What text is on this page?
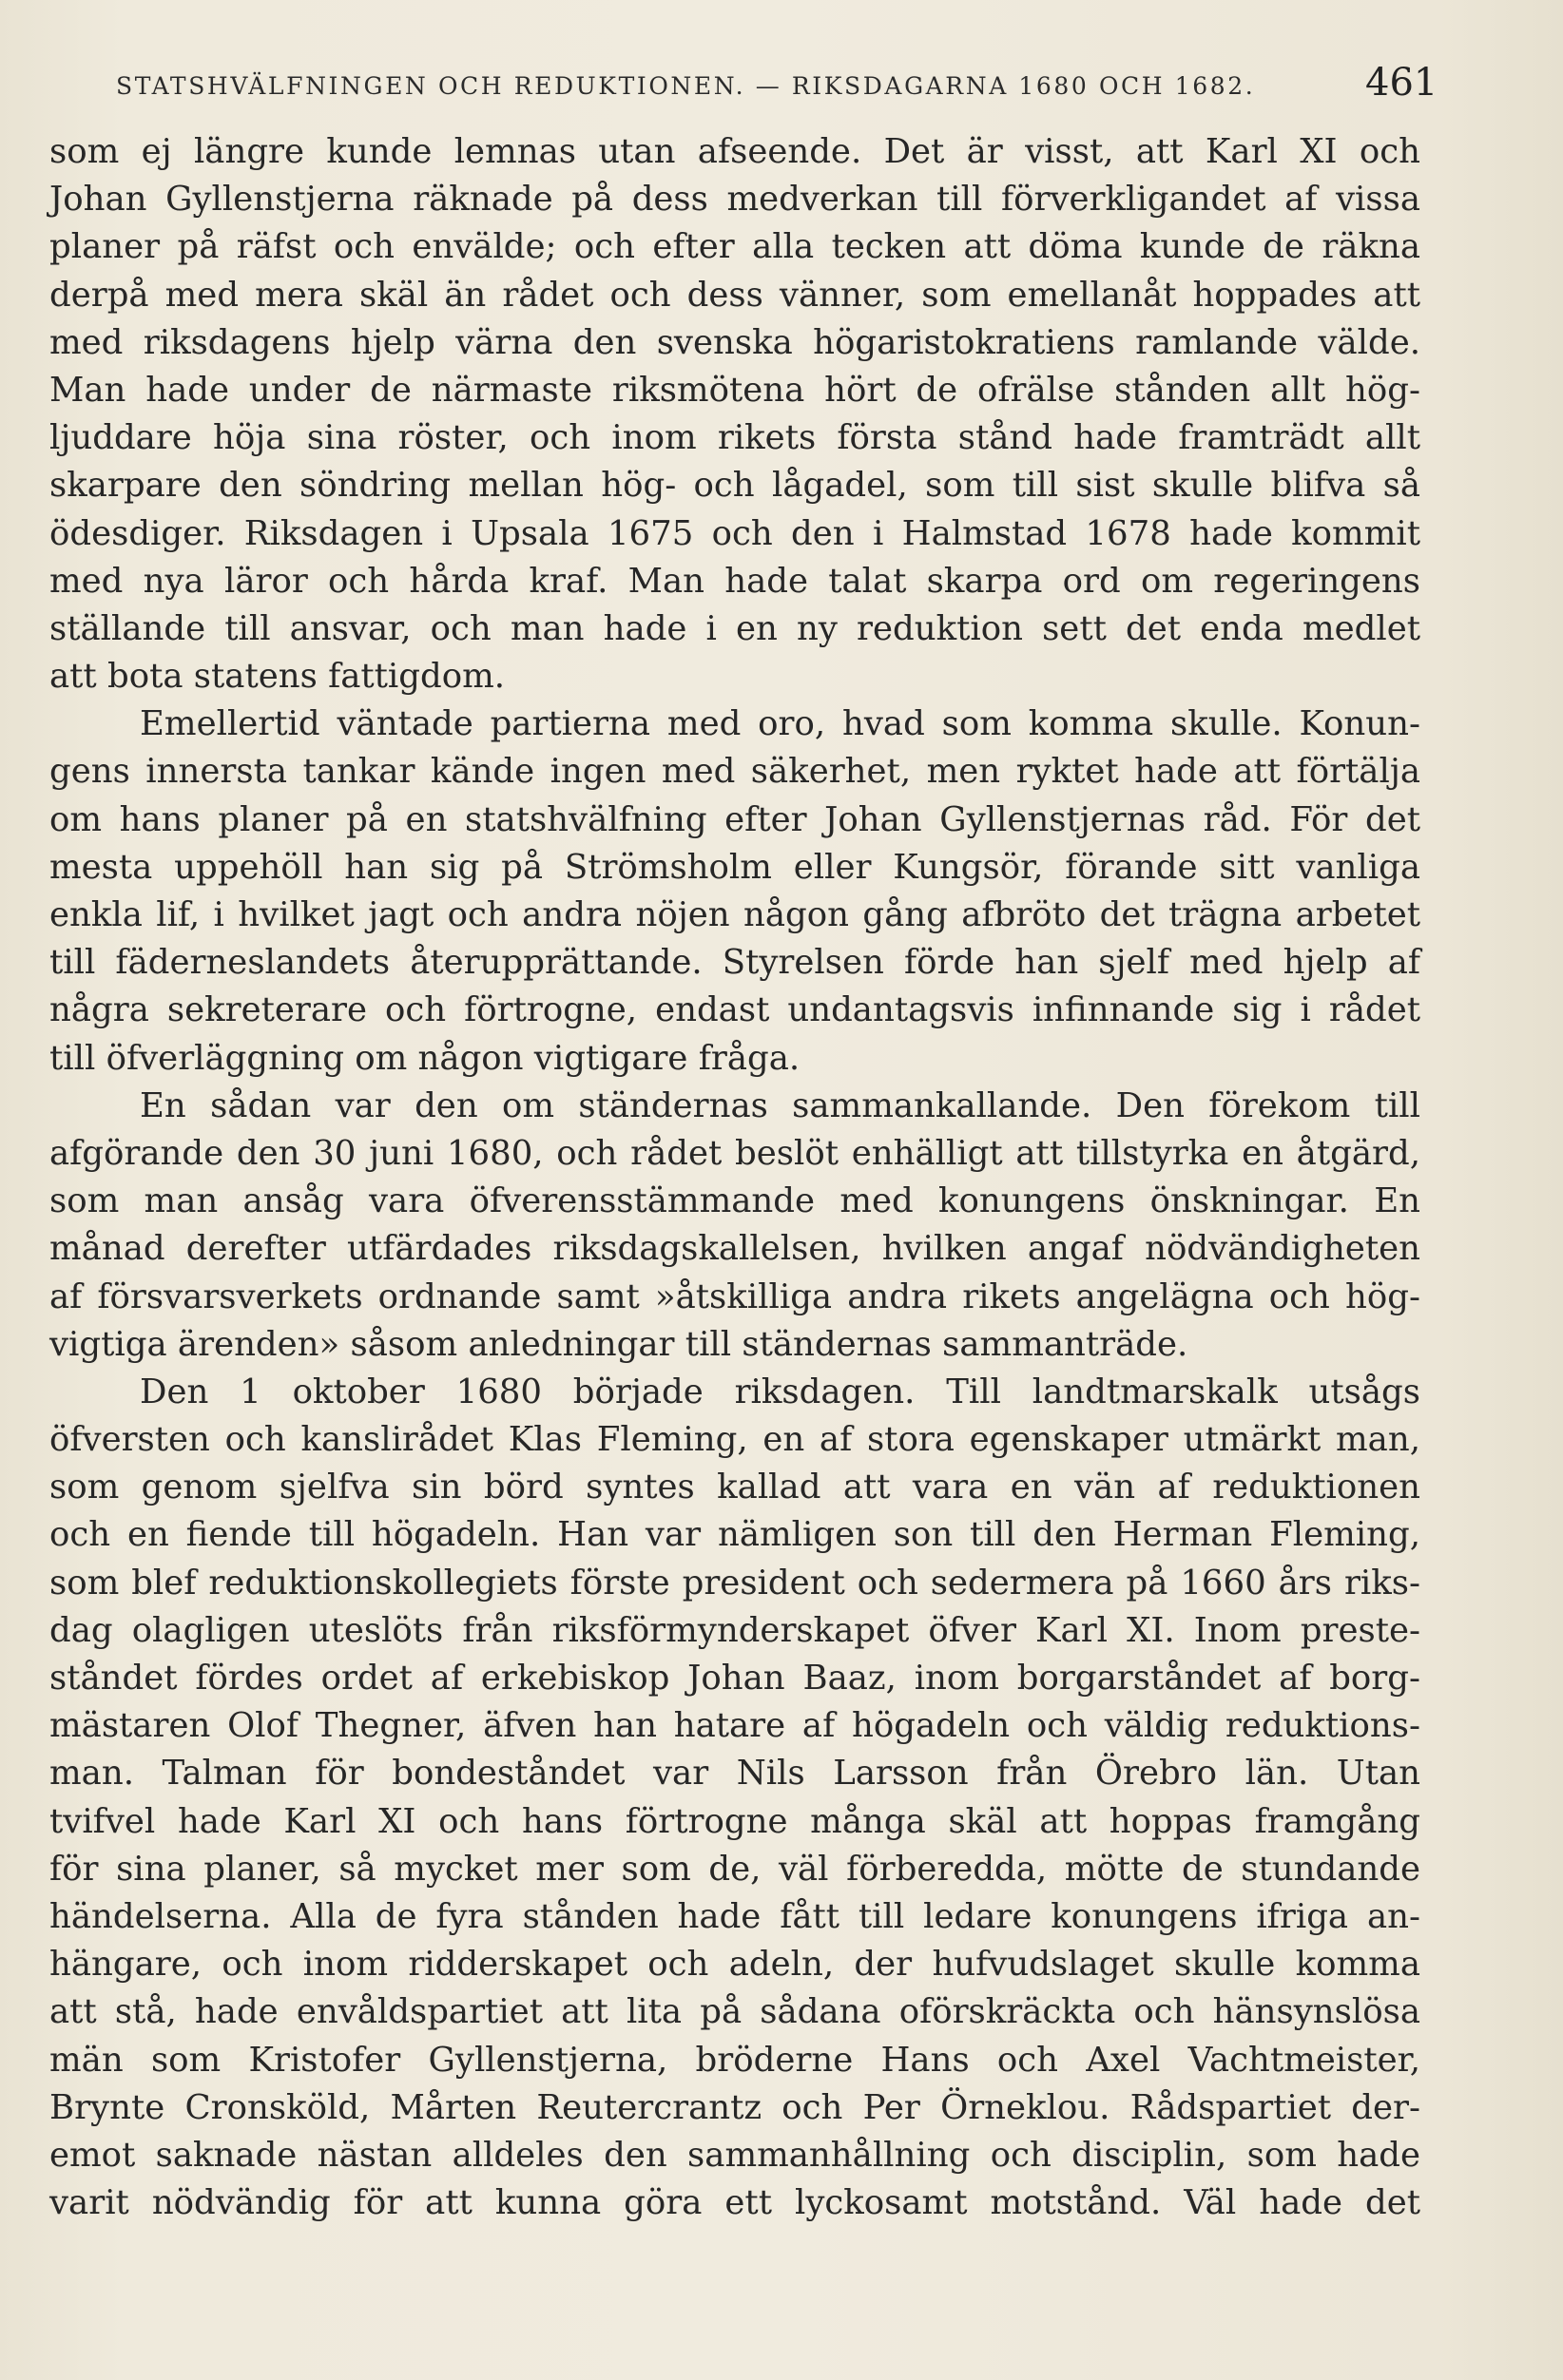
STATSHVÄLFNINGEN OCH REDUKTIONEN. — RIKSDAGARNA 1680 OCH 1682.	461
som ej längre kunde lemnas utan afseende. Det är visst, att Karl XI och
Johan Gyllenstjerna räknade på dess medverkan till förverkligandet af vissa
planer på räfst och envälde; och efter alla tecken att döma kunde de räkna
derpå med mera skäl än rådet och dess vänner, som emellanåt hoppades att
med riksdagens hjelp värna den svenska högaristokratiens ramlande välde.
Man hade under de närmaste riksmötena hört de ofrälse stånden allt hög-
ljuddare höja sina röster, och inom rikets första stånd hade framträdt allt
skarpare den söndring mellan hög- och lågadel, som till sist skulle blifva så
ödesdiger. Riksdagen i Upsala 1675 och den i Halmstad 1678 hade kommit
med nya läror och hårda kraf. Man hade talat skarpa ord om regeringens
ställande till ansvar, och man hade i en ny reduktion sett det enda medlet
att bota statens fattigdom.
Emellertid väntade partierna med oro, hvad som komma skulle. Konun-
gens innersta tankar kände ingen med säkerhet, men ryktet hade att förtälja
om hans planer på en statshvälfning efter Johan Gyllenstjernas råd. För det
mesta uppehöll han sig på Strömsholm eller Kungsör, förande sitt vanliga
enkla lif, i hvilket jagt och andra nöjen någon gång afbröto det trägna arbetet
till fäderneslandets återupprättande. Styrelsen förde han sjelf med hjelp af
några sekreterare och förtrogne, endast undantagsvis infinnande sig i rådet
till öfverläggning om någon vigtigare fråga.
En sådan var den om ständernas sammankallande. Den förekom till
afgörande den 30 juni 1680, och rådet beslöt enhälligt att tillstyrka en åtgärd,
som man ansåg vara öfverensstämmande med konungens önskningar. En
månad derefter utfärdades riksdagskallelsen, hvilken angaf nödvändigheten
af försvarsverkets ordnande samt »åtskilliga andra rikets angelägna och hög-
vigtiga ärenden» såsom anledningar till ständernas sammanträde.
Den 1 oktober 1680 började riksdagen. Till landtmarskalk utsågs
öfversten och kanslirådet Klas Fleming, en af stora egenskaper utmärkt man,
som genom sjelfva sin börd syntes kallad att vara en vän af reduktionen
och en fiende till högadeln. Han var nämligen son till den Herman Fleming,
som blef reduktionskollegiets förste president och sedermera på 1660 års riks-
dag olagligen uteslöts från riksförmynderskapet öfver Karl XI. Inom preste-
ståndet fördes ordet af erkebiskop Johan Baaz, inom borgarståndet af borg-
mästaren Olof Thegner, äfven han hatare af högadeln och väldig reduktions-
man. Talman för bondeståndet var Nils Larsson från Örebro län. Utan
tvifvel hade Karl XI och hans förtrogne många skäl att hoppas framgång
för sina planer, så mycket mer som de, väl förberedda, mötte de stundande
händelserna. Alla de fyra stånden hade fått till ledare konungens ifriga an-
hängare, och inom ridderskapet och adeln, der hufvudslaget skulle komma
att stå, hade envåldspartiet att lita på sådana oförskräckta och hänsynslösa
män som Kristofer Gyllenstjerna, bröderne Hans och Axel Vachtmeister,
Brynte Cronsköld, Mårten Reutercrantz och Per Örneklou. Rådspartiet der-
emot saknade nästan alldeles den sammanhållning och disciplin, som hade
varit nödvändig för att kunna göra ett lyckosamt motstånd. Väl hade det
